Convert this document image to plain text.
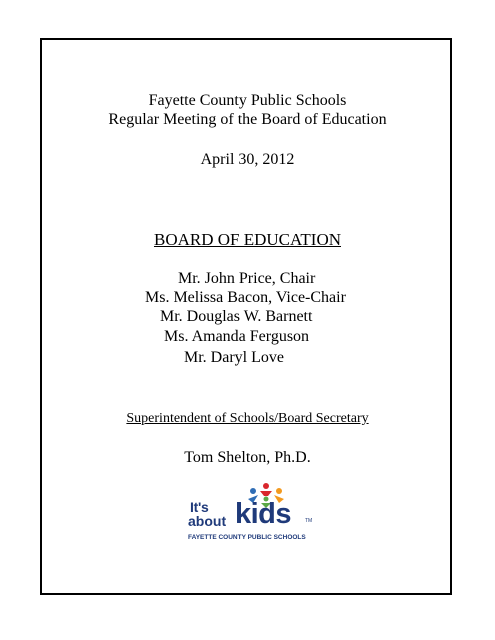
Fayette County Public Schools
Regular Meeting of the Board of Education
April 30, 2012
BOARD OF EDUCATION
Mr. John Price, Chair
Ms. Melissa Bacon, Vice-Chair
Mr. Douglas W. Barnett
Ms. Amanda Ferguson
Mr. Daryl Love
Superintendent of Schools/Board Secretary
Tom Shelton, Ph.D.
It's
about kids	TM
FAYETTE COUNTY PUBLIC SCHOOLS
